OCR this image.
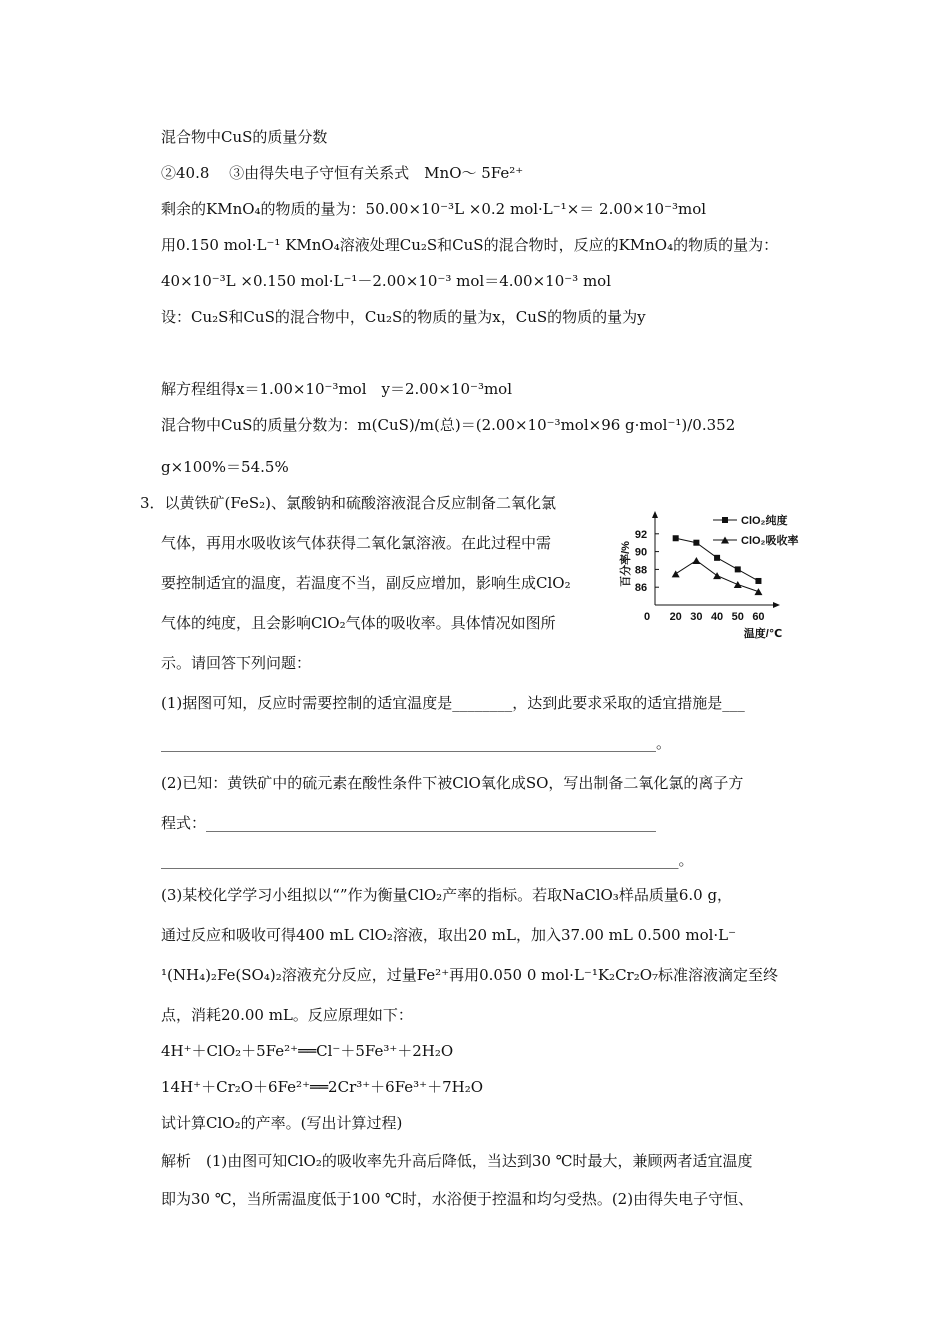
混合物中CuS的质量分数
②40.8　 ③由得失电子守恒有关系式　MnO～ 5Fe²⁺
剩余的KMnO₄的物质的量为：50.00×10⁻³L ×0.2 mol·L⁻¹×＝ 2.00×10⁻³mol
用0.150 mol·L⁻¹ KMnO₄溶液处理Cu₂S和CuS的混合物时，反应的KMnO₄的物质的量为：
40×10⁻³L ×0.150 mol·L⁻¹－2.00×10⁻³ mol＝4.00×10⁻³ mol
设：Cu₂S和CuS的混合物中，Cu₂S的物质的量为x，CuS的物质的量为y
解方程组得x＝1.00×10⁻³mol　y＝2.00×10⁻³mol
混合物中CuS的质量分数为：m(CuS)/m(总)＝(2.00×10⁻³mol×96 g·mol⁻¹)/0.352
g×100%＝54.5%
3．以黄铁矿(FeS₂)、氯酸钠和硫酸溶液混合反应制备二氧化氯
气体，再用水吸收该气体获得二氧化氯溶液。在此过程中需
要控制适宜的温度，若温度不当，副反应增加，影响生成ClO₂
气体的纯度，且会影响ClO₂气体的吸收率。具体情况如图所
示。请回答下列问题：
(1)据图可知，反应时需要控制的适宜温度是________，达到此要求采取的适宜措施是___
__________________________________________________________________。
(2)已知：黄铁矿中的硫元素在酸性条件下被ClO氧化成SO，写出制备二氧化氯的离子方
程式：____________________________________________________________
_____________________________________________________________________。
(3)某校化学学习小组拟以“”作为衡量ClO₂产率的指标。若取NaClO₃样品质量6.0 g，
通过反应和吸收可得400 mL ClO₂溶液，取出20 mL，加入37.00 mL 0.500 mol·L⁻
¹(NH₄)₂Fe(SO₄)₂溶液充分反应，过量Fe²⁺再用0.050 0 mol·L⁻¹K₂Cr₂O₇标准溶液滴定至终
点，消耗20.00 mL。反应原理如下：
4H⁺＋ClO₂＋5Fe²⁺══Cl⁻＋5Fe³⁺＋2H₂O
14H⁺＋Cr₂O＋6Fe²⁺══2Cr³⁺＋6Fe³⁺＋7H₂O
试计算ClO₂的产率。(写出计算过程)
解析　(1)由图可知ClO₂的吸收率先升高后降低，当达到30 ℃时最大，兼顾两者适宜温度
即为30 ℃，当所需温度低于100 ℃时，水浴便于控温和均匀受热。(2)由得失电子守恒、
百分率/%
温度/℃
0 20 30 40 50 60
86
88
90
92
ClO₂纯度
ClO₂吸收率
